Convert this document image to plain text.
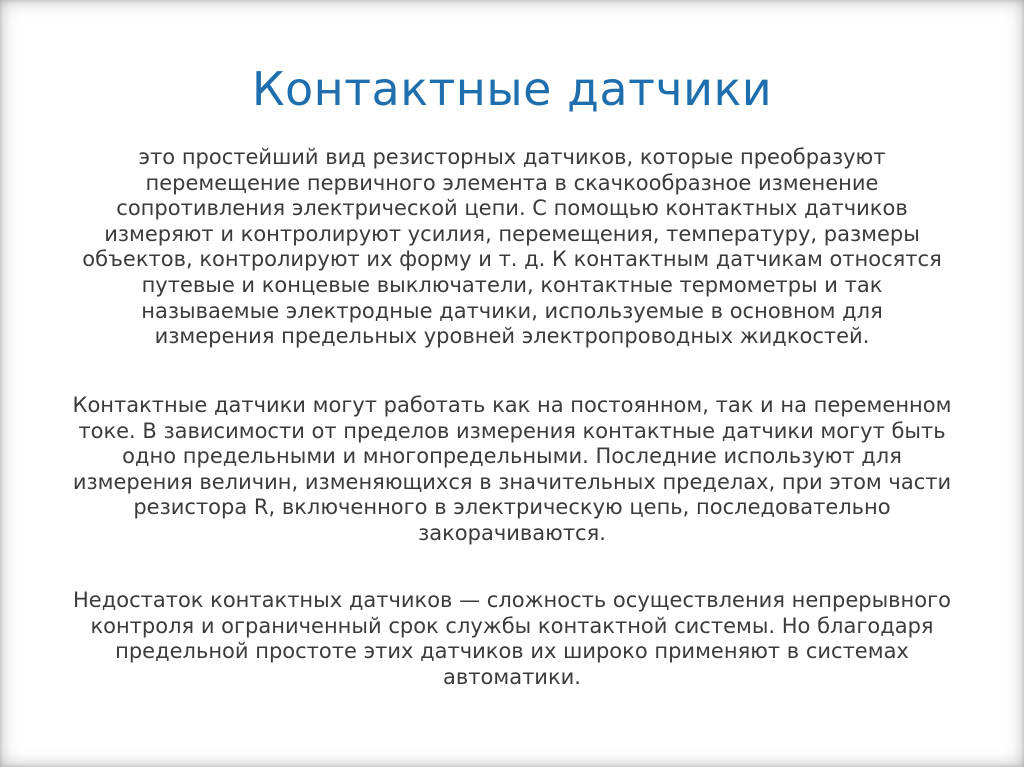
Контактные датчики

это простейший вид резисторных датчиков, которые преобразуют
перемещение первичного элемента в скачкообразное изменение
сопротивления электрической цепи. С помощью контактных датчиков
измеряют и контролируют усилия, перемещения, температуру, размеры
объектов, контролируют их форму и т. д. К контактным датчикам относятся
путевые и концевые выключатели, контактные термометры и так
называемые электродные датчики, используемые в основном для
измерения предельных уровней электропроводных жидкостей.

Контактные датчики могут работать как на постоянном, так и на переменном
токе. В зависимости от пределов измерения контактные датчики могут быть
одно предельными и многопредельными. Последние используют для
измерения величин, изменяющихся в значительных пределах, при этом части
резистора R, включенного в электрическую цепь, последовательно
закорачиваются.

Недостаток контактных датчиков — сложность осуществления непрерывного
контроля и ограниченный срок службы контактной системы. Но благодаря
предельной простоте этих датчиков их широко применяют в системах
автоматики.
